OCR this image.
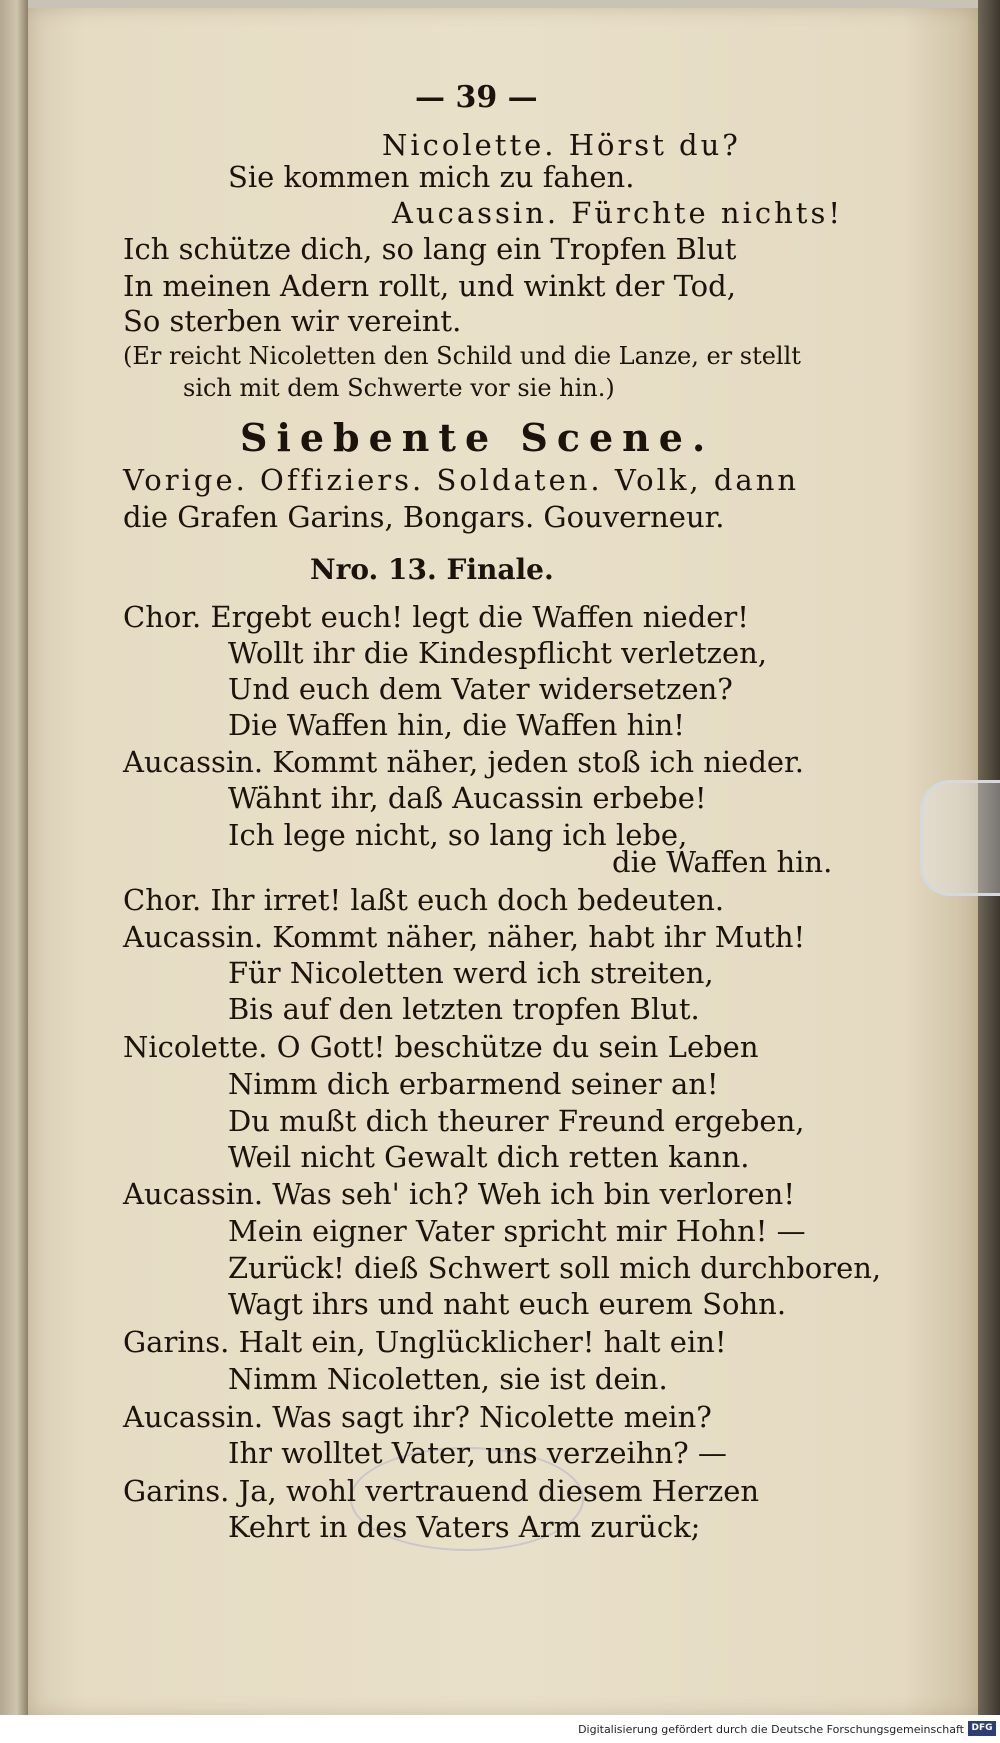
— 39 —
Nicolette. Hörst du?
Sie kommen mich zu fahen.
Aucassin. Fürchte nichts!
Ich schütze dich, so lang ein Tropfen Blut
In meinen Adern rollt, und winkt der Tod,
So sterben wir vereint.
(Er reicht Nicoletten den Schild und die Lanze, er stellt
sich mit dem Schwerte vor sie hin.)
Siebente Scene.
Vorige. Offiziers. Soldaten. Volk, dann
die Grafen Garins, Bongars. Gouverneur.
Nro. 13. Finale.
Chor. Ergebt euch! legt die Waffen nieder!
Wollt ihr die Kindespflicht verletzen,
Und euch dem Vater widersetzen?
Die Waffen hin, die Waffen hin!
Aucassin. Kommt näher, jeden stoß ich nieder.
Wähnt ihr, daß Aucassin erbebe!
Ich lege nicht, so lang ich lebe,
die Waffen hin.
Chor. Ihr irret! laßt euch doch bedeuten.
Aucassin. Kommt näher, näher, habt ihr Muth!
Für Nicoletten werd ich streiten,
Bis auf den letzten tropfen Blut.
Nicolette. O Gott! beschütze du sein Leben
Nimm dich erbarmend seiner an!
Du mußt dich theurer Freund ergeben,
Weil nicht Gewalt dich retten kann.
Aucassin. Was seh' ich? Weh ich bin verloren!
Mein eigner Vater spricht mir Hohn! —
Zurück! dieß Schwert soll mich durchboren,
Wagt ihrs und naht euch eurem Sohn.
Garins. Halt ein, Unglücklicher! halt ein!
Nimm Nicoletten, sie ist dein.
Aucassin. Was sagt ihr? Nicolette mein?
Ihr wolltet Vater, uns verzeihn? —
Garins. Ja, wohl vertrauend diesem Herzen
Kehrt in des Vaters Arm zurück;
Digitalisierung gefördert durch die Deutsche Forschungsgemeinschaft DFG
